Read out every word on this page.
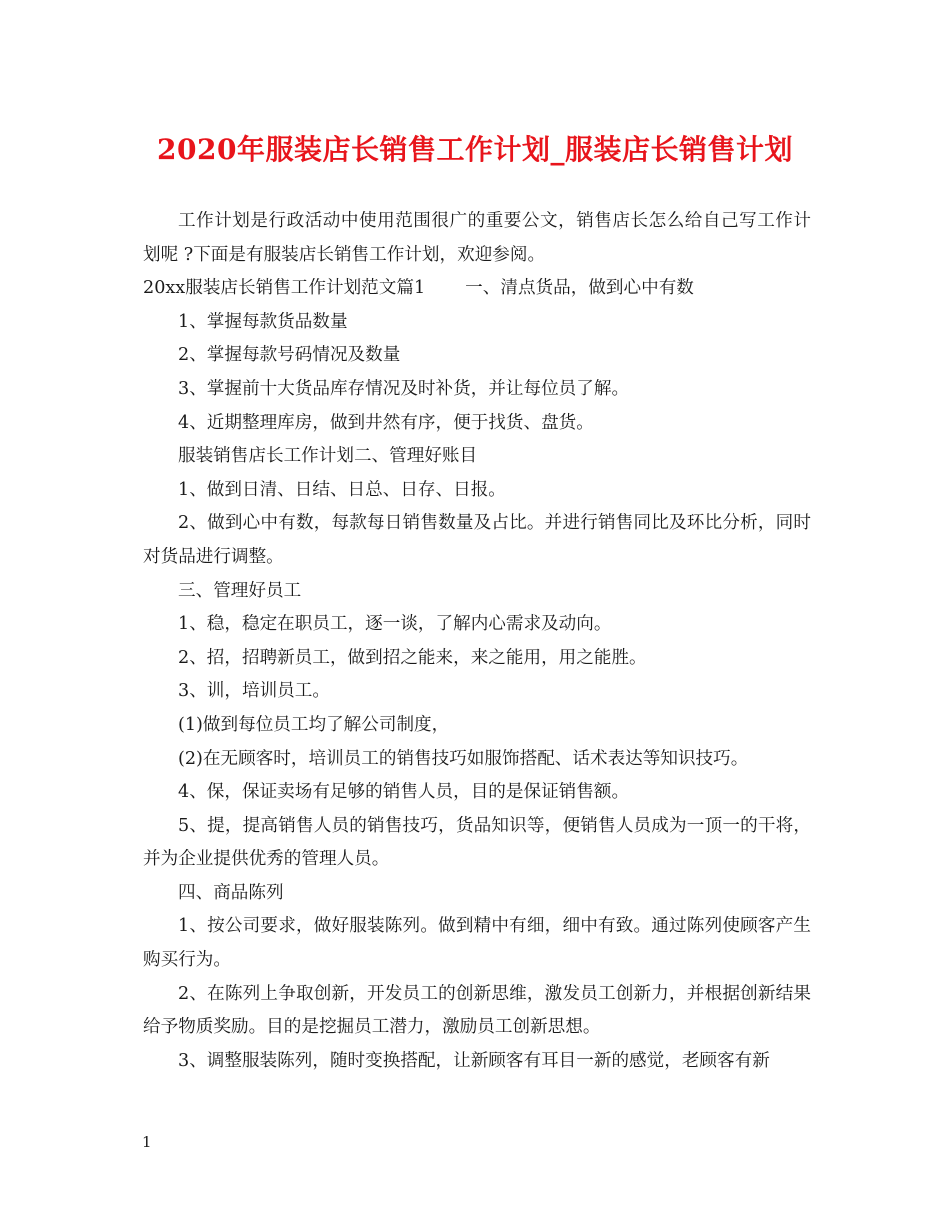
2020年服装店长销售工作计划_服装店长销售计划

工作计划是行政活动中使用范围很广的重要公文，销售店长怎么给自己写工作计划呢 ?下面是有服装店长销售工作计划，欢迎参阅。

20xx服装店长销售工作计划范文篇1 一、清点货品，做到心中有数

1、掌握每款货品数量

2、掌握每款号码情况及数量

3、掌握前十大货品库存情况及时补货，并让每位员了解。

4、近期整理库房，做到井然有序，便于找货、盘货。

服装销售店长工作计划二、管理好账目

1、做到日清、日结、日总、日存、日报。

2、做到心中有数，每款每日销售数量及占比。并进行销售同比及环比分析，同时对货品进行调整。

三、管理好员工

1、稳，稳定在职员工，逐一谈，了解内心需求及动向。

2、招，招聘新员工，做到招之能来，来之能用，用之能胜。

3、训，培训员工。

(1)做到每位员工均了解公司制度，

(2)在无顾客时，培训员工的销售技巧如服饰搭配、话术表达等知识技巧。

4、保，保证卖场有足够的销售人员，目的是保证销售额。

5、提，提高销售人员的销售技巧，货品知识等，便销售人员成为一顶一的干将，并为企业提供优秀的管理人员。

四、商品陈列

1、按公司要求，做好服装陈列。做到精中有细，细中有致。通过陈列使顾客产生购买行为。

2、在陈列上争取创新，开发员工的创新思维，激发员工创新力，并根据创新结果给予物质奖励。目的是挖掘员工潜力，激励员工创新思想。

3、调整服装陈列，随时变换搭配，让新顾客有耳目一新的感觉，老顾客有新

1
